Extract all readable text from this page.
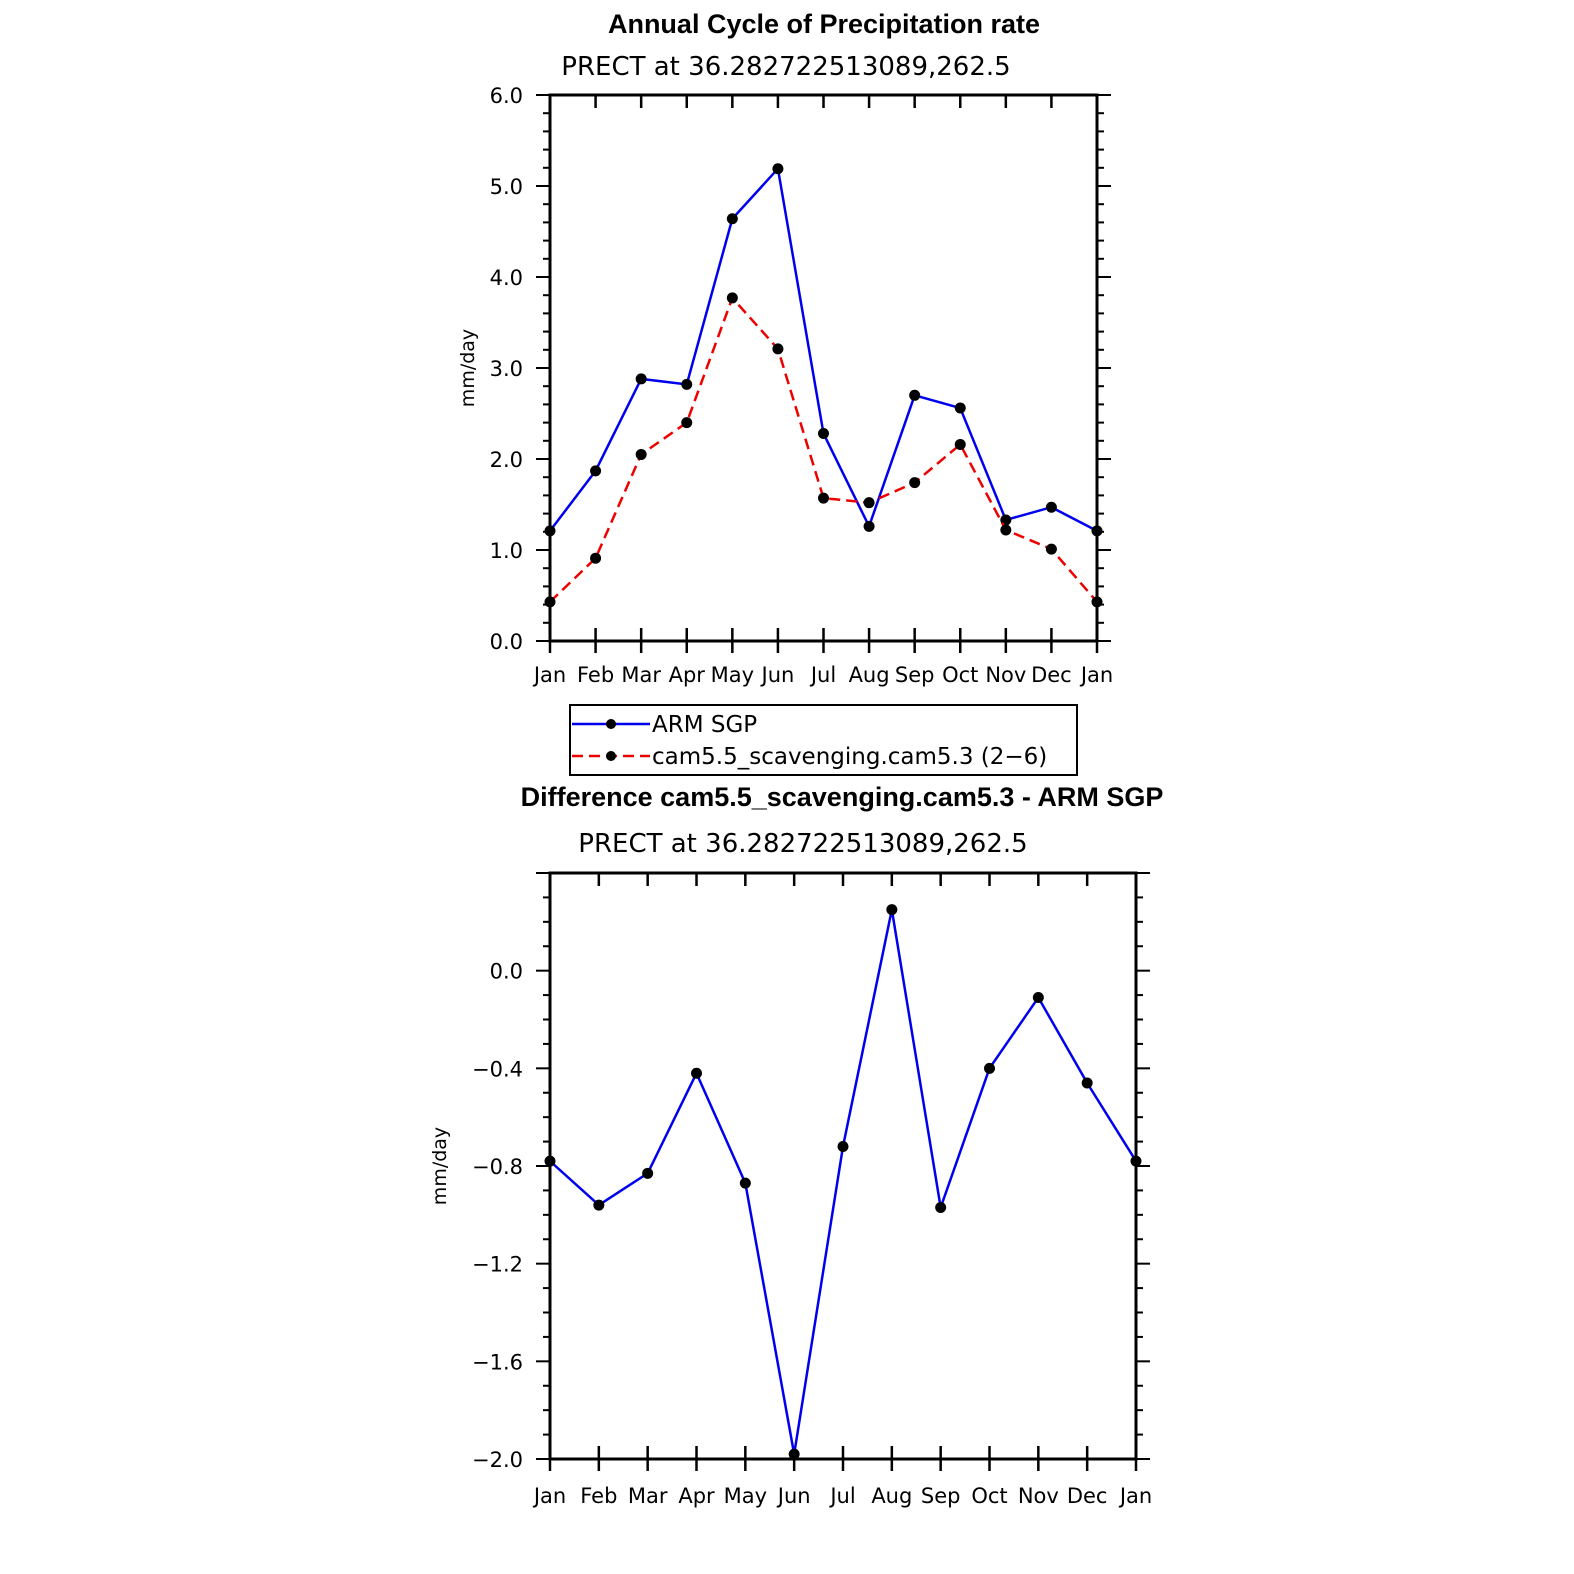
Annual Cycle of Precipitation rate
PRECT at 36.282722513089,262.5
mm/day
Jan Feb Mar Apr May Jun Jul Aug Sep Oct Nov Dec Jan
0.0
1.0
2.0
3.0
4.0
5.0
6.0
ARM SGP
cam5.5_scavenging.cam5.3 (2−6)
Difference cam5.5_scavenging.cam5.3 - ARM SGP
PRECT at 36.282722513089,262.5
mm/day
Jan Feb Mar Apr May Jun Jul Aug Sep Oct Nov Dec Jan
−2.0
−1.6
−1.2
−0.8
−0.4
0.0
